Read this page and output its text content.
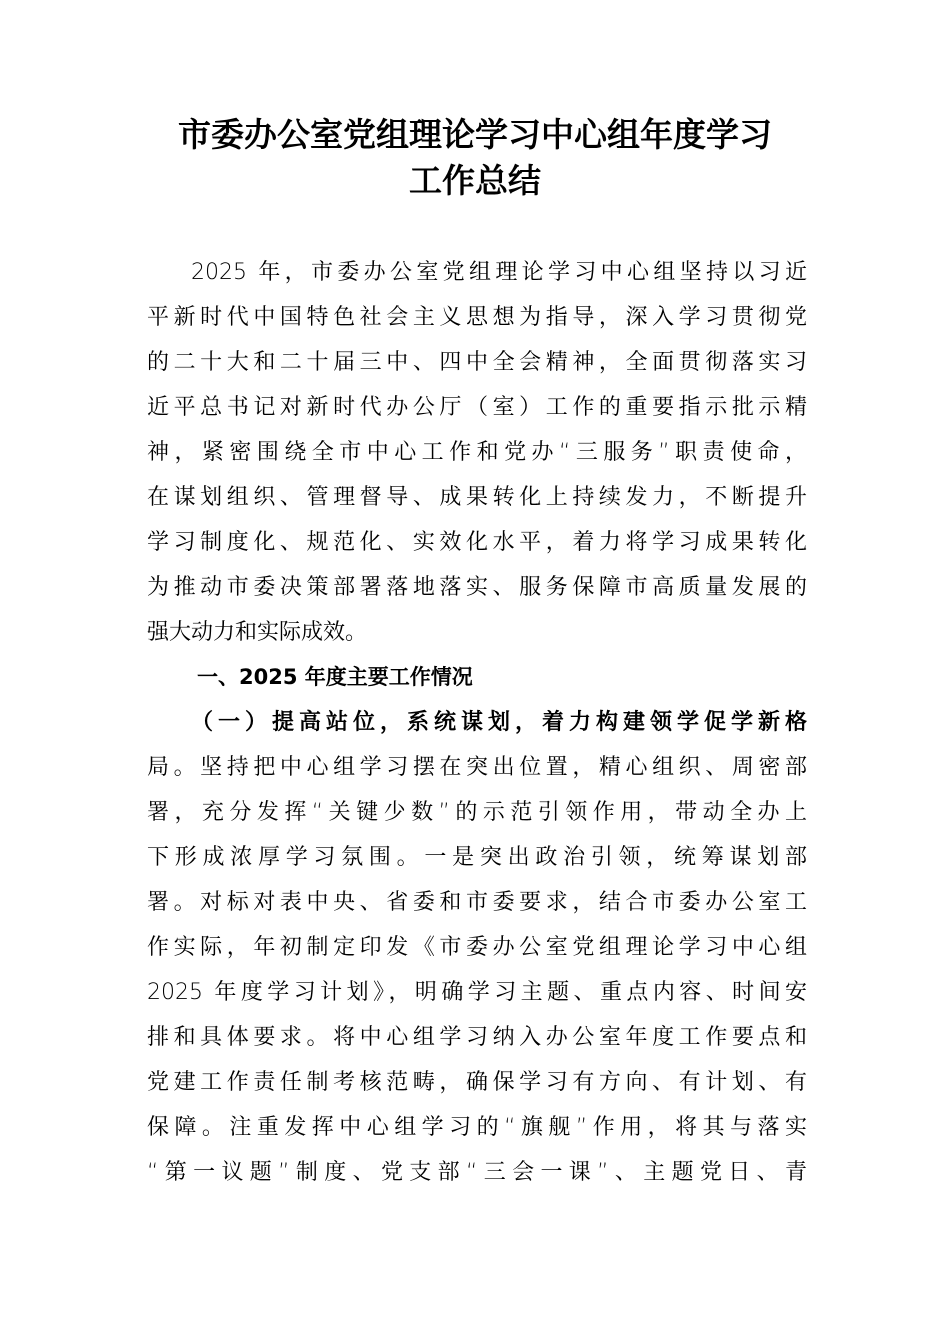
市委办公室党组理论学习中心组年度学习
工作总结
2025 年，市委办公室党组理论学习中心组坚持以习近
平新时代中国特色社会主义思想为指导，深入学习贯彻党
的二十大和二十届三中、四中全会精神，全面贯彻落实习
近平总书记对新时代办公厅（室）工作的重要指示批示精
神，紧密围绕全市中心工作和党办“三服务”职责使命，
在谋划组织、管理督导、成果转化上持续发力，不断提升
学习制度化、规范化、实效化水平，着力将学习成果转化
为推动市委决策部署落地落实、服务保障市高质量发展的
强大动力和实际成效。
一、2025 年度主要工作情况
（一）提高站位，系统谋划，着力构建领学促学新格
局。坚持把中心组学习摆在突出位置，精心组织、周密部
署，充分发挥“关键少数”的示范引领作用，带动全办上
下形成浓厚学习氛围。一是突出政治引领，统筹谋划部
署。对标对表中央、省委和市委要求，结合市委办公室工
作实际，年初制定印发《市委办公室党组理论学习中心组
2025 年度学习计划》，明确学习主题、重点内容、时间安
排和具体要求。将中心组学习纳入办公室年度工作要点和
党建工作责任制考核范畴，确保学习有方向、有计划、有
保障。注重发挥中心组学习的“旗舰”作用，将其与落实
“第一议题”制度、党支部“三会一课”、主题党日、青
